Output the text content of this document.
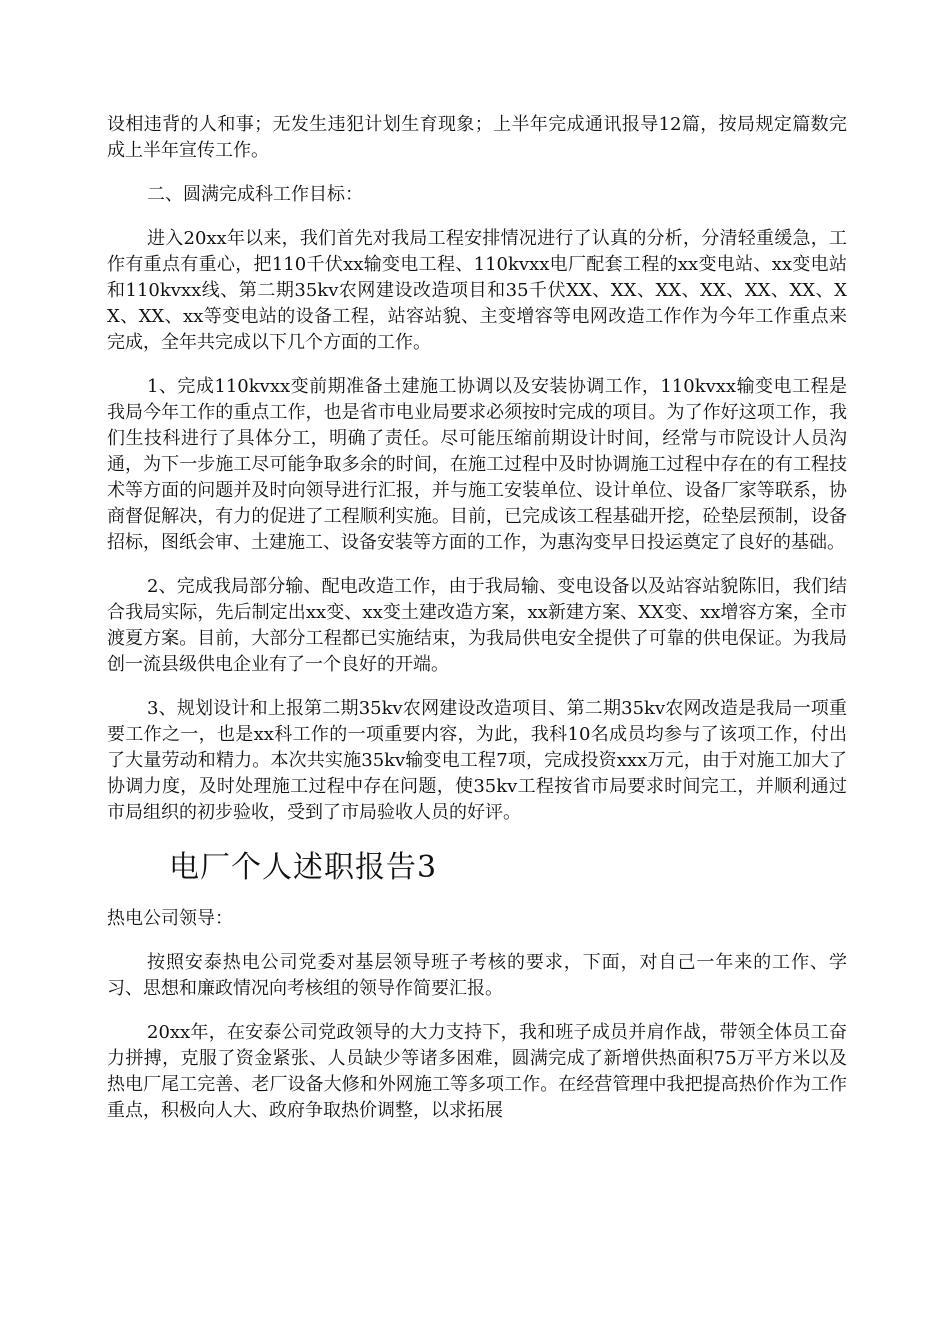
设相违背的人和事；无发生违犯计划生育现象；上半年完成通讯报导12篇，按局规定篇数完成上半年宣传工作。

二、圆满完成科工作目标：

进入20xx年以来，我们首先对我局工程安排情况进行了认真的分析，分清轻重缓急，工作有重点有重心，把110千伏xx输变电工程、110kvxx电厂配套工程的xx变电站、xx变电站和110kvxx线、第二期35kv农网建设改造项目和35千伏XX、XX、XX、XX、XX、XX、XX、XX、xx等变电站的设备工程，站容站貌、主变增容等电网改造工作作为今年工作重点来完成，全年共完成以下几个方面的工作。

1、完成110kvxx变前期准备土建施工协调以及安装协调工作，110kvxx输变电工程是我局今年工作的重点工作，也是省市电业局要求必须按时完成的项目。为了作好这项工作，我们生技科进行了具体分工，明确了责任。尽可能压缩前期设计时间，经常与市院设计人员沟通，为下一步施工尽可能争取多余的时间，在施工过程中及时协调施工过程中存在的有工程技术等方面的问题并及时向领导进行汇报，并与施工安装单位、设计单位、设备厂家等联系，协商督促解决，有力的促进了工程顺利实施。目前，已完成该工程基础开挖，砼垫层预制，设备招标，图纸会审、土建施工、设备安装等方面的工作，为惠沟变早日投运奠定了良好的基础。

2、完成我局部分输、配电改造工作，由于我局输、变电设备以及站容站貌陈旧，我们结合我局实际，先后制定出xx变、xx变土建改造方案，xx新建方案、XX变、xx增容方案，全市渡夏方案。目前，大部分工程都已实施结束，为我局供电安全提供了可靠的供电保证。为我局创一流县级供电企业有了一个良好的开端。

3、规划设计和上报第二期35kv农网建设改造项目、第二期35kv农网改造是我局一项重要工作之一，也是xx科工作的一项重要内容，为此，我科10名成员均参与了该项工作，付出了大量劳动和精力。本次共实施35kv输变电工程7项，完成投资xxx万元，由于对施工加大了协调力度，及时处理施工过程中存在问题，使35kv工程按省市局要求时间完工，并顺利通过市局组织的初步验收，受到了市局验收人员的好评。

电厂个人述职报告3

热电公司领导：

按照安泰热电公司党委对基层领导班子考核的要求，下面，对自己一年来的工作、学习、思想和廉政情况向考核组的领导作简要汇报。

20xx年，在安泰公司党政领导的大力支持下，我和班子成员并肩作战，带领全体员工奋力拼搏，克服了资金紧张、人员缺少等诸多困难，圆满完成了新增供热面积75万平方米以及热电厂尾工完善、老厂设备大修和外网施工等多项工作。在经营管理中我把提高热价作为工作重点，积极向人大、政府争取热价调整，以求拓展
